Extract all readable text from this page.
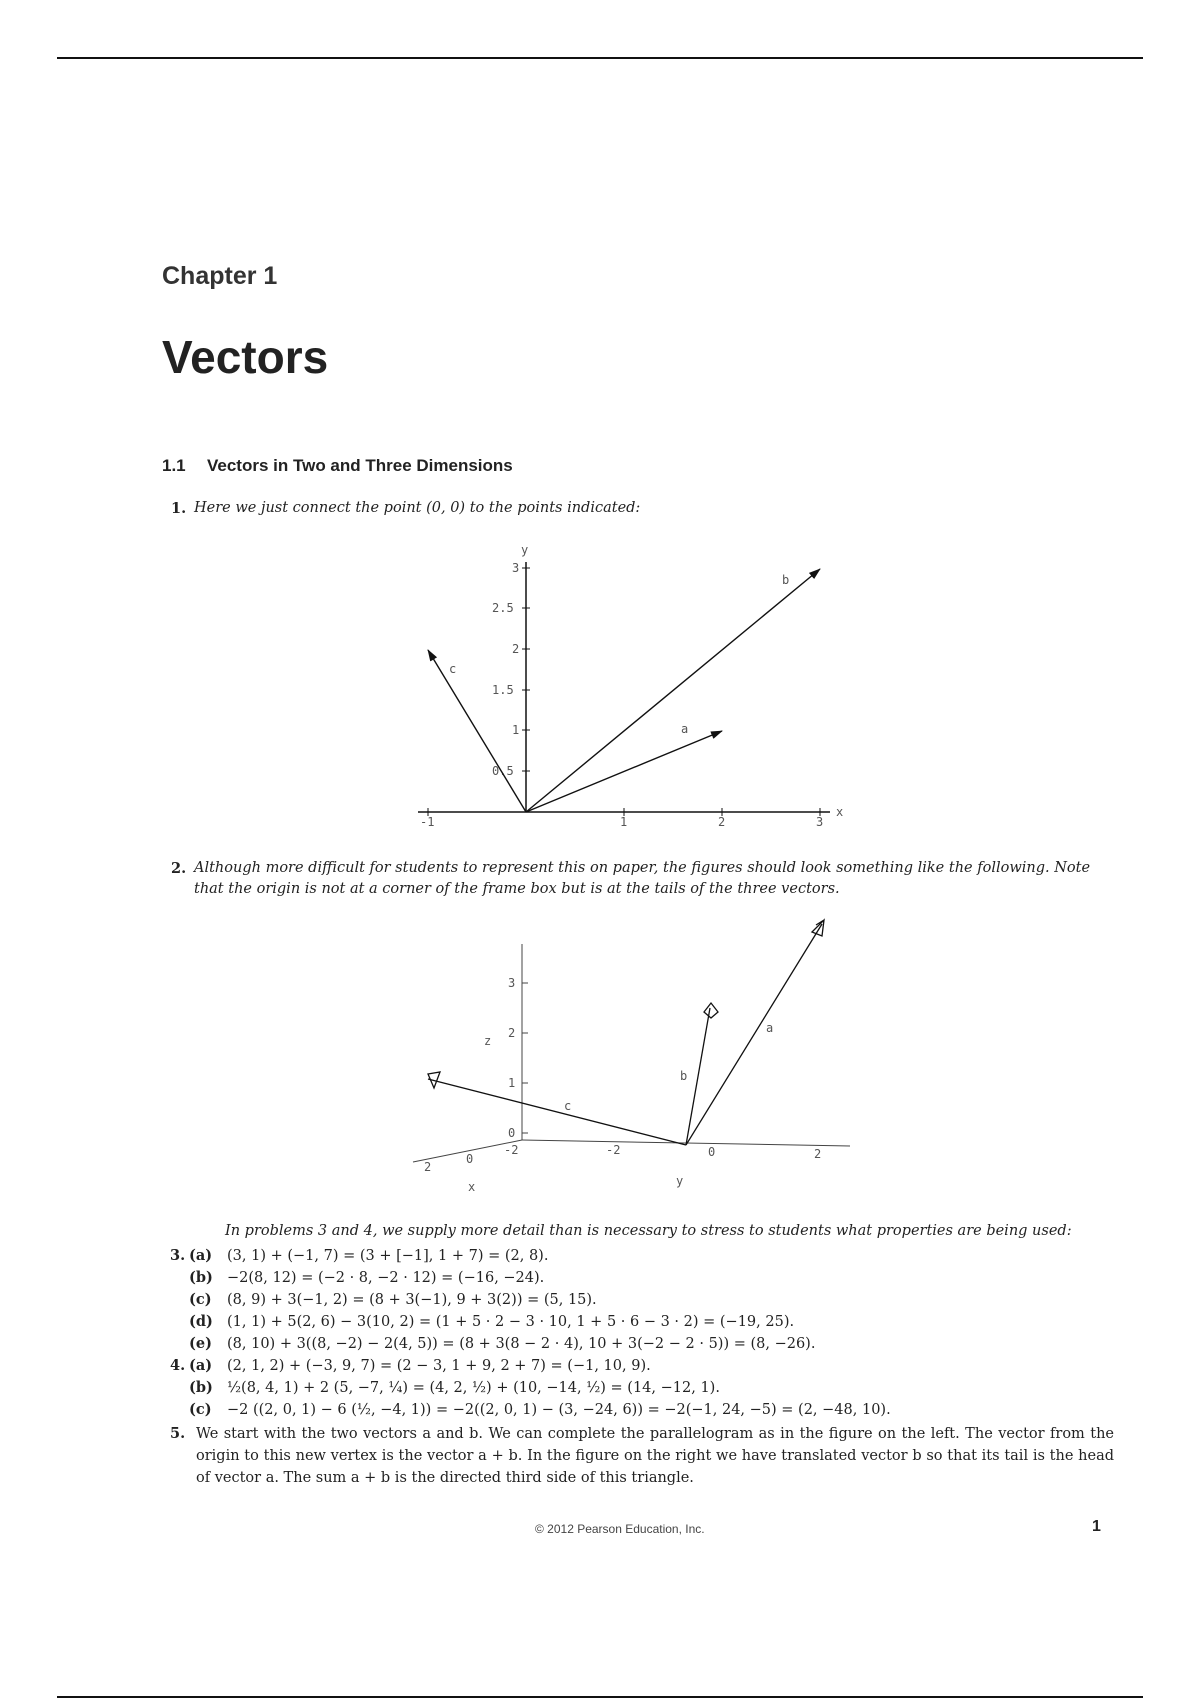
Chapter 1
Vectors
1.1 Vectors in Two and Three Dimensions
1. Here we just connect the point (0, 0) to the points indicated:
x
y
-1	1	2	3
0.5
1
1.5
2
2.5
3
a
b
c
2. Although more difficult for students to represent this on paper, the figures should look something like the following. Note that the origin is not at a corner of the frame box but is at the tails of the three vectors.
0
1
2
3
z
2
0
-2
x
-2	0	2
y
a
b
c
In problems 3 and 4, we supply more detail than is necessary to stress to students what properties are being used:
3. (a) (3, 1) + (−1, 7) = (3 + [−1], 1 + 7) = (2, 8).
(b) −2(8, 12) = (−2 · 8, −2 · 12) = (−16, −24).
(c) (8, 9) + 3(−1, 2) = (8 + 3(−1), 9 + 3(2)) = (5, 15).
(d) (1, 1) + 5(2, 6) − 3(10, 2) = (1 + 5 · 2 − 3 · 10, 1 + 5 · 6 − 3 · 2) = (−19, 25).
(e) (8, 10) + 3((8, −2) − 2(4, 5)) = (8 + 3(8 − 2 · 4), 10 + 3(−2 − 2 · 5)) = (8, −26).
4. (a) (2, 1, 2) + (−3, 9, 7) = (2 − 3, 1 + 9, 2 + 7) = (−1, 10, 9).
(b) ½(8, 4, 1) + 2 (5, −7, ¼) = (4, 2, ½) + (10, −14, ½) = (14, −12, 1).
(c) −2 ((2, 0, 1) − 6 (½, −4, 1)) = −2((2, 0, 1) − (3, −24, 6)) = −2(−1, 24, −5) = (2, −48, 10).
5. We start with the two vectors a and b. We can complete the parallelogram as in the figure on the left. The vector from the origin to this new vertex is the vector a + b. In the figure on the right we have translated vector b so that its tail is the head of vector a. The sum a + b is the directed third side of this triangle.
© 2012 Pearson Education, Inc.	1
